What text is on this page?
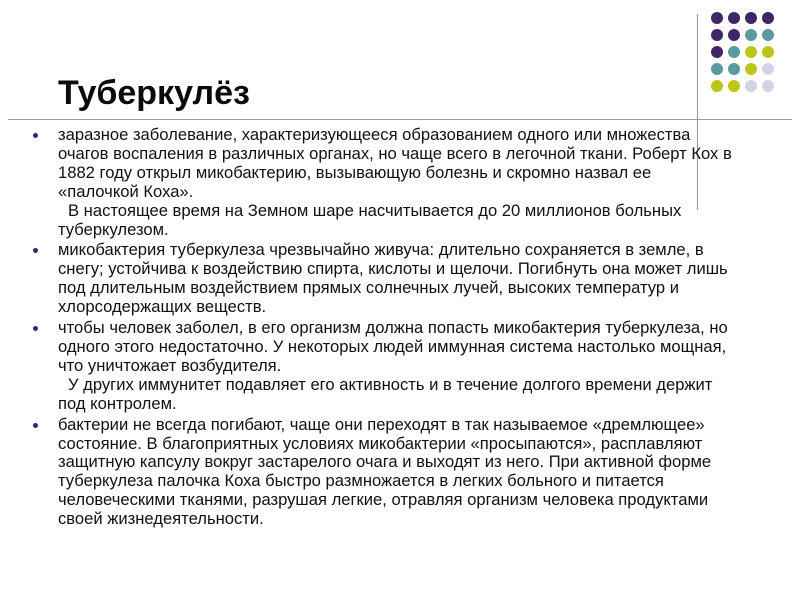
Туберкулёз
заразное заболевание, характеризующееся образованием одного или множества очагов воспаления в различных органах, но чаще всего в легочной ткани. Роберт Кох в 1882 году открыл микобактерию, вызывающую болезнь и скромно назвал ее «палочкой Коха».
В настоящее время на Земном шаре насчитывается до 20 миллионов больных туберкулезом.
микобактерия туберкулеза чрезвычайно живуча: длительно сохраняется в земле, в снегу; устойчива к воздействию спирта, кислоты и щелочи. Погибнуть она может лишь под длительным воздействием прямых солнечных лучей, высоких температур и хлорсодержащих веществ.
чтобы человек заболел, в его организм должна попасть микобактерия туберкулеза, но одного этого недостаточно. У некоторых людей иммунная система настолько мощная, что уничтожает возбудителя.
У других иммунитет подавляет его активность и в течение долгого времени держит под контролем.
бактерии не всегда погибают, чаще они переходят в так называемое «дремлющее» состояние. В благоприятных условиях микобактерии «просыпаются», расплавляют защитную капсулу вокруг застарелого очага и выходят из него. При активной форме туберкулеза палочка Коха быстро размножается в легких больного и питается человеческими тканями, разрушая легкие, отравляя организм человека продуктами своей жизнедеятельности.
